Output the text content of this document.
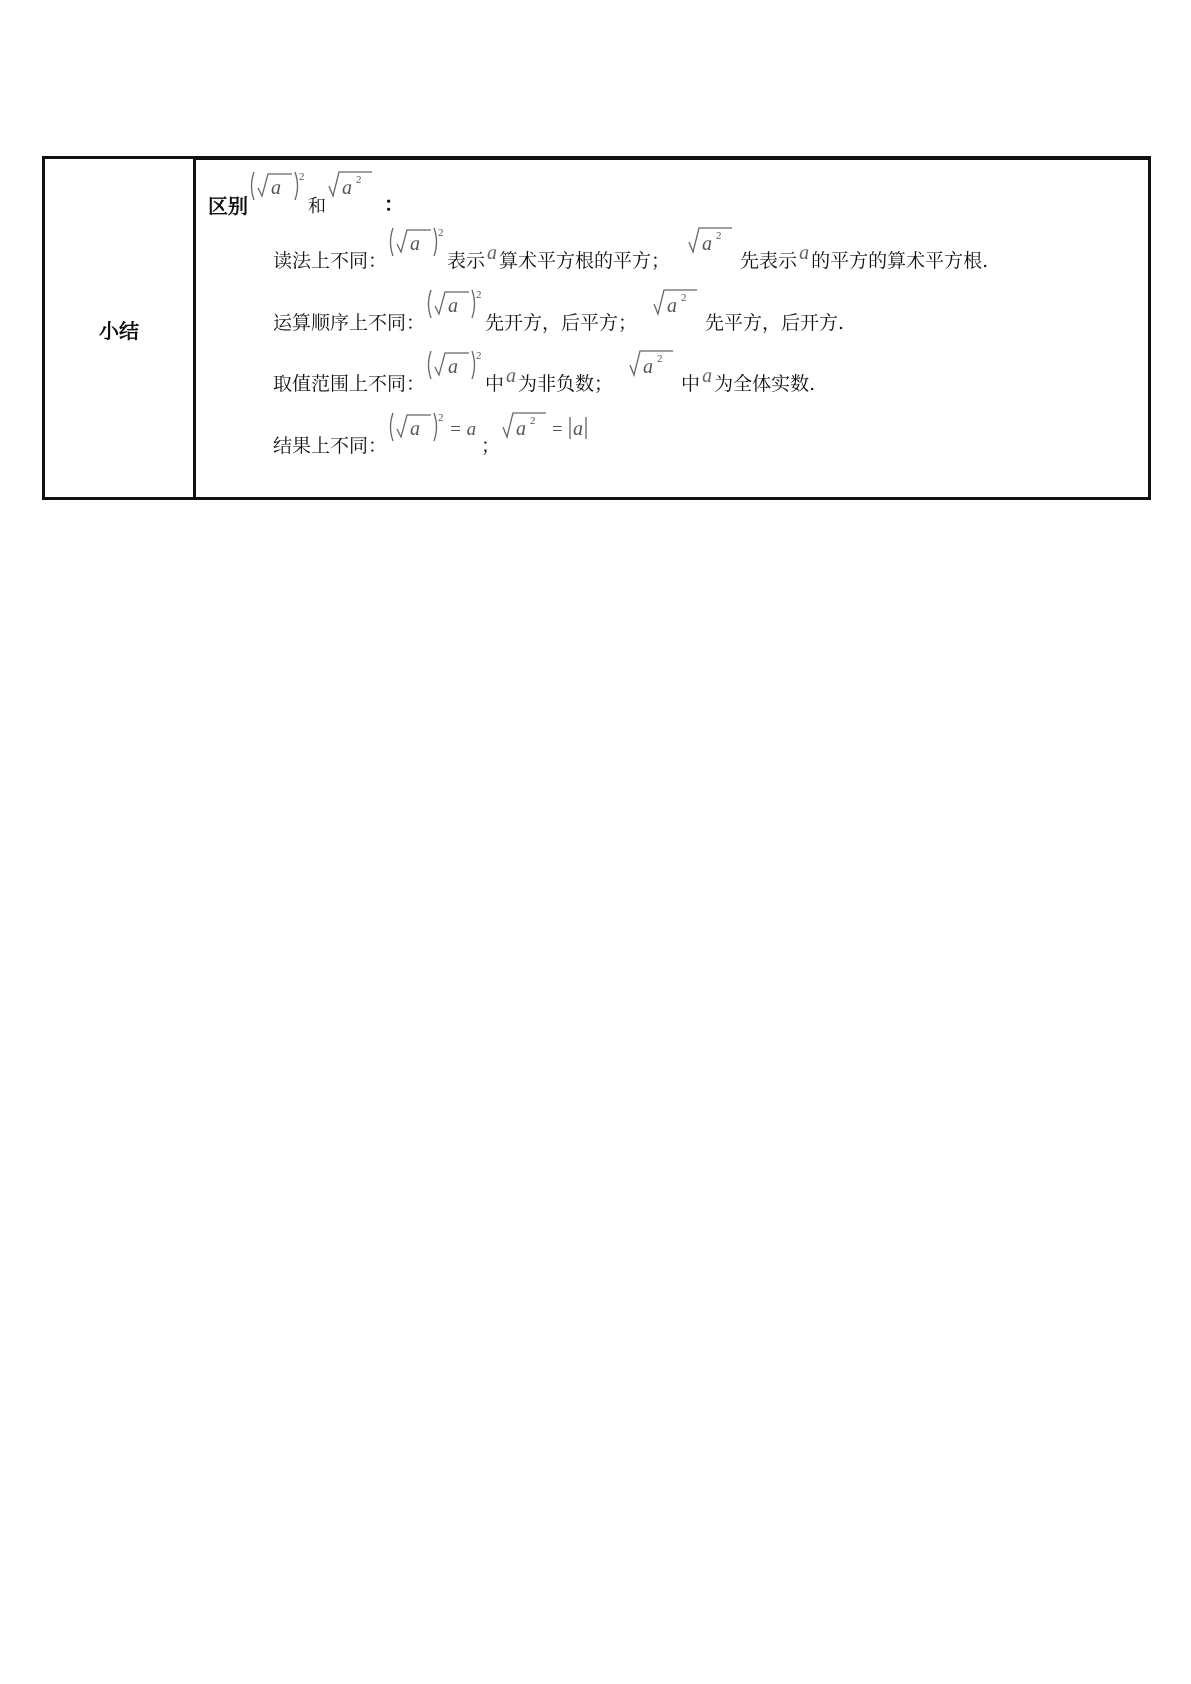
小结
区别
a 2
和
a 2
：
读法上不同：
a 2
表示 a 算术平方根的平方；
a 2
先表示 a 的平方的算术平方根.
运算顺序上不同：
a 2
先开方，后平方；
a 2
先平方，后开方.
取值范围上不同：
a 2
中 a 为非负数；
a 2
中 a 为全体实数.
结果上不同：
a 2
= a
；
a 2 = a
